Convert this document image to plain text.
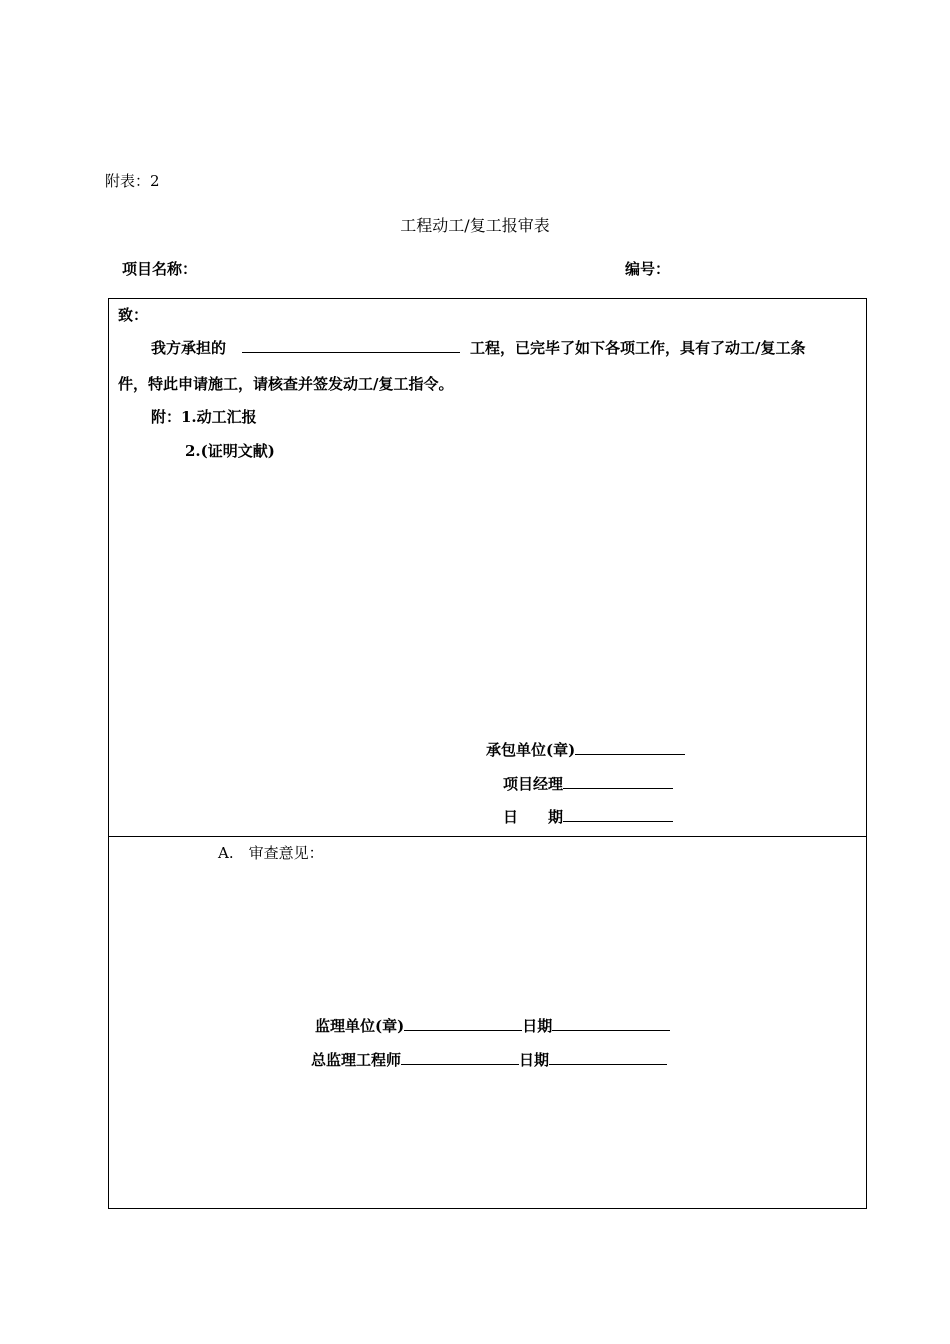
附表：2
工程动工/复工报审表
项目名称：	编号：
致：
我方承担的	工程，已完毕了如下各项工作，具有了动工/复工条
件，特此申请施工，请核查并签发动工/复工指令。
附：1.动工汇报
2.(证明文献)
承包单位(章)
项目经理
日　　期
A.　审查意见：
监理单位(章)	日期
总监理工程师	日期
